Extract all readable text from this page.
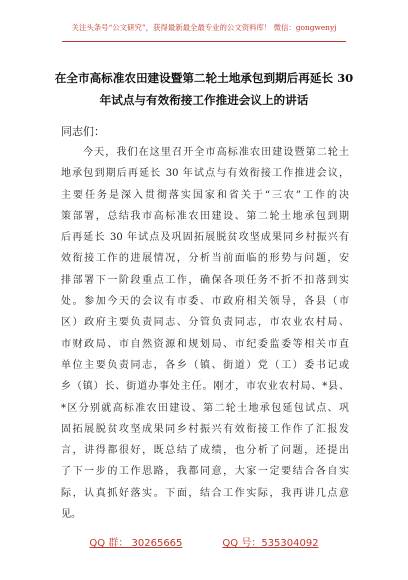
关注头条号“公文研究”，获得最新最全最专业的公文资料库！ 微信：gongwenyj
在全市高标准农田建设暨第二轮土地承包到期后再延长 30
年试点与有效衔接工作推进会议上的讲话
同志们：
今天，我们在这里召开全市高标准农田建设暨第二轮土
地承包到期后再延长 30 年试点与有效衔接工作推进会议，
主要任务是深入贯彻落实国家和省关于“三农”工作的决
策部署，总结我市高标准农田建设、第二轮土地承包到期
后再延长 30 年试点及巩固拓展脱贫攻坚成果同乡村振兴有
效衔接工作的进展情况，分析当前面临的形势与问题，安
排部署下一阶段重点工作，确保各项任务不折不扣落到实
处。参加今天的会议有市委、市政府相关领导，各县（市
区）政府主要负责同志、分管负责同志，市农业农村局、
市财政局、市自然资源和规划局、市纪委监委等相关市直
单位主要负责同志，各乡（镇、街道）党（工）委书记或
乡（镇）长、街道办事处主任。刚才，市农业农村局、*县、
*区分别就高标准农田建设、第二轮土地承包延包试点、巩
固拓展脱贫攻坚成果同乡村振兴有效衔接工作作了汇报发
言，讲得都很好，既总结了成绩，也分析了问题，还提出
了下一步的工作思路，我都同意，大家一定要结合各自实
际，认真抓好落实。下面，结合工作实际，我再讲几点意
见。
QQ 群： 30265665	QQ 号：535304092
